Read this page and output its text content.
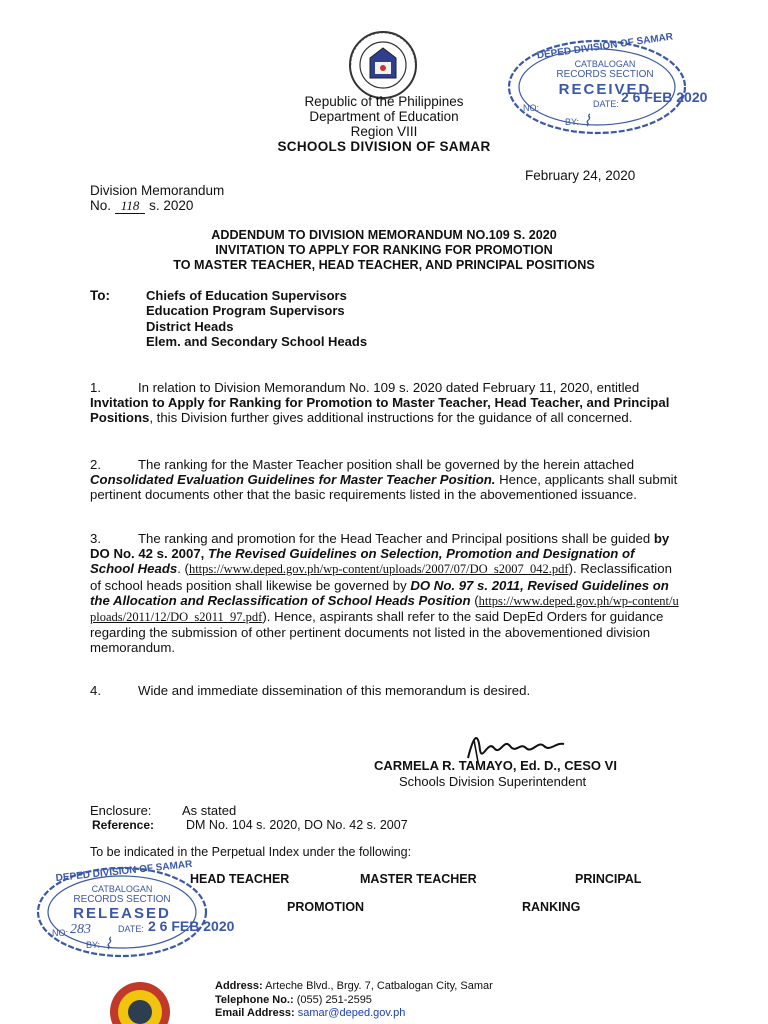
Republic of the Philippines
Department of Education
Region VIII
SCHOOLS DIVISION OF SAMAR
DEPED DIVISION OF SAMAR
CATBALOGAN
RECORDS SECTION
RECEIVED
NO:	DATE: 2 6 FEB 2020
BY: ⌇
February 24, 2020
Division Memorandum
No. 118 s. 2020
ADDENDUM TO DIVISION MEMORANDUM NO.109 S. 2020
INVITATION TO APPLY FOR RANKING FOR PROMOTION
TO MASTER TEACHER, HEAD TEACHER, AND PRINCIPAL POSITIONS
To:	Chiefs of Education Supervisors
Education Program Supervisors
District Heads
Elem. and Secondary School Heads

1.	In relation to Division Memorandum No. 109 s. 2020 dated February 11, 2020, entitled Invitation to Apply for Ranking for Promotion to Master Teacher, Head Teacher, and Principal Positions, this Division further gives additional instructions for the guidance of all concerned.

2.	The ranking for the Master Teacher position shall be governed by the herein attached Consolidated Evaluation Guidelines for Master Teacher Position. Hence, applicants shall submit pertinent documents other that the basic requirements listed in the abovementioned issuance.

3.	The ranking and promotion for the Head Teacher and Principal positions shall be guided by DO No. 42 s. 2007, The Revised Guidelines on Selection, Promotion and Designation of School Heads. (https://www.deped.gov.ph/wp-content/uploads/2007/07/DO_s2007_042.pdf). Reclassification of school heads position shall likewise be governed by DO No. 97 s. 2011, Revised Guidelines on the Allocation and Reclassification of School Heads Position (https://www.deped.gov.ph/wp-content/uploads/2011/12/DO_s2011_97.pdf). Hence, aspirants shall refer to the said DepEd Orders for guidance regarding the submission of other pertinent documents not listed in the abovementioned division memorandum.

4.	Wide and immediate dissemination of this memorandum is desired.

CARMELA R. TAMAYO, Ed. D., CESO VI
Schools Division Superintendent
Enclosure: As stated
Reference:	DM No. 104 s. 2020, DO No. 42 s. 2007
To be indicated in the Perpetual Index under the following:
HEAD TEACHER	MASTER TEACHER	PRINCIPAL
PROMOTION	RANKING
DEPED DIVISION OF SAMAR
CATBALOGAN
RECORDS SECTION
RELEASED
NO: 283	DATE: 2 6 FEB 2020
BY: ⌇
Address: Arteche Blvd., Brgy. 7, Catbalogan City, Samar
Telephone No.: (055) 251-2595
Email Address: samar@deped.gov.ph
